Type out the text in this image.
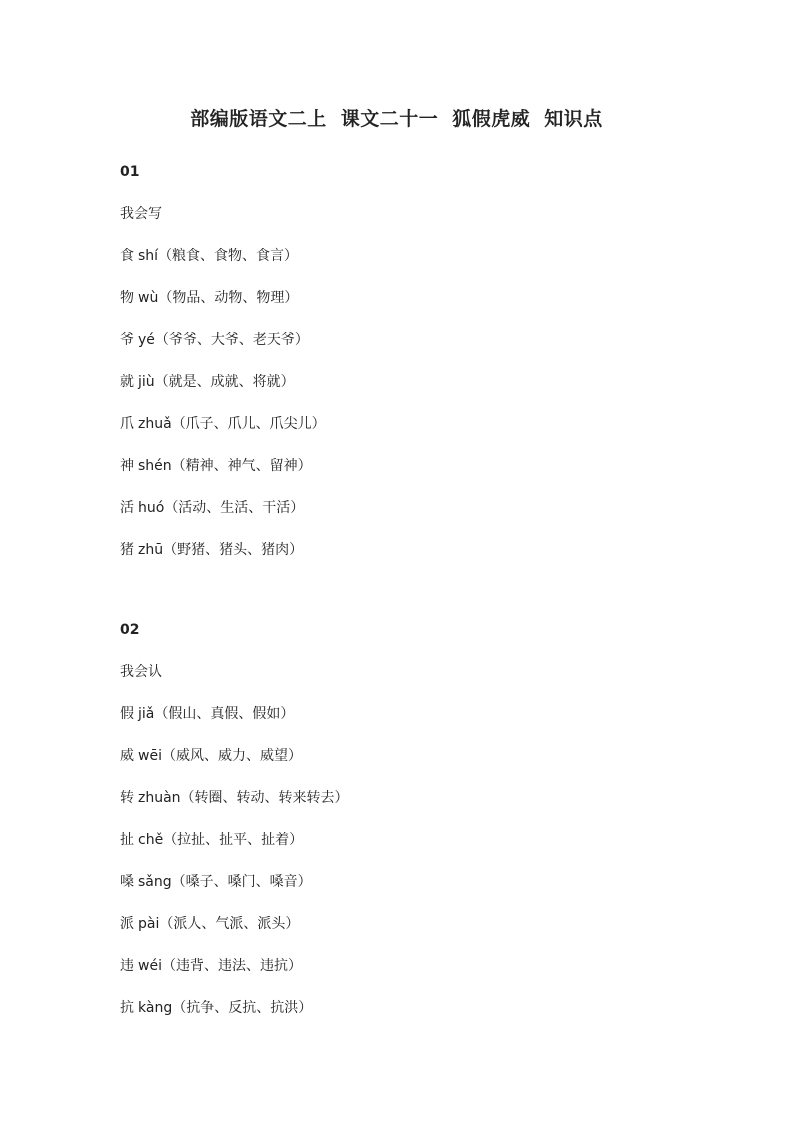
部编版语文二上 课文二十一 狐假虎威 知识点
01
我会写
食 shí（粮食、食物、食言）
物 wù（物品、动物、物理）
爷 yé（爷爷、大爷、老天爷）
就 jiù（就是、成就、将就）
爪 zhuǎ（爪子、爪儿、爪尖儿）
神 shén（精神、神气、留神）
活 huó（活动、生活、干活）
猪 zhū（野猪、猪头、猪肉）
02
我会认
假 jiǎ（假山、真假、假如）
威 wēi（威风、威力、威望）
转 zhuàn（转圈、转动、转来转去）
扯 chě（拉扯、扯平、扯着）
嗓 sǎng（嗓子、嗓门、嗓音）
派 pài（派人、气派、派头）
违 wéi（违背、违法、违抗）
抗 kàng（抗争、反抗、抗洪）
